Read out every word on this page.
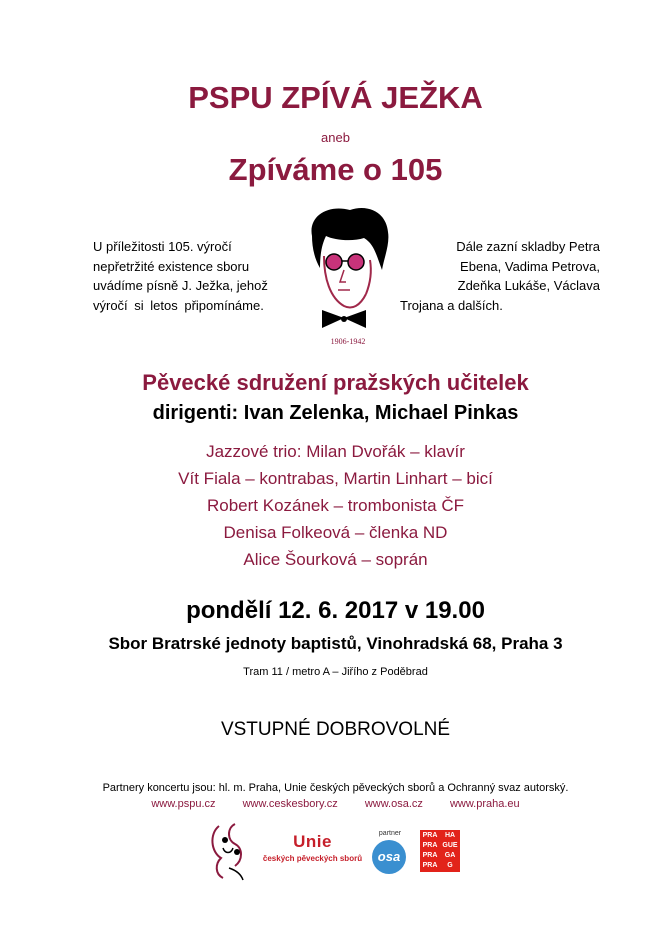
PSPU ZPÍVÁ JEŽKA
aneb
Zpíváme o 105
U příležitosti 105. výročí
nepřetržité existence sboru
uvádíme písně J. Ježka, jehož
výročí si letos připomínáme.
1906-1942
Dále zazní skladby Petra
Ebena, Vadima Petrova,
Zdeňka Lukáše, Václava
Trojana a dalších.
Pěvecké sdružení pražských učitelek
dirigenti: Ivan Zelenka, Michael Pinkas
Jazzové trio: Milan Dvořák – klavír
Vít Fiala – kontrabas, Martin Linhart – bicí
Robert Kozánek – trombonista ČF
Denisa Folkeová – členka ND
Alice Šourková – soprán
pondělí 12. 6. 2017 v 19.00
Sbor Bratrské jednoty baptistů, Vinohradská 68, Praha 3
Tram 11 / metro A – Jiřího z Poděbrad
VSTUPNÉ DOBROVOLNÉ
Partnery koncertu jsou: hl. m. Praha, Unie českých pěveckých sborů a Ochranný svaz autorský.
www.pspu.cz www.ceskesbory.cz www.osa.cz www.praha.eu
Unie
českých pěveckých sborů
partner
osa
PRA	HA
PRA GUE
PRA	GA
PRA	G
